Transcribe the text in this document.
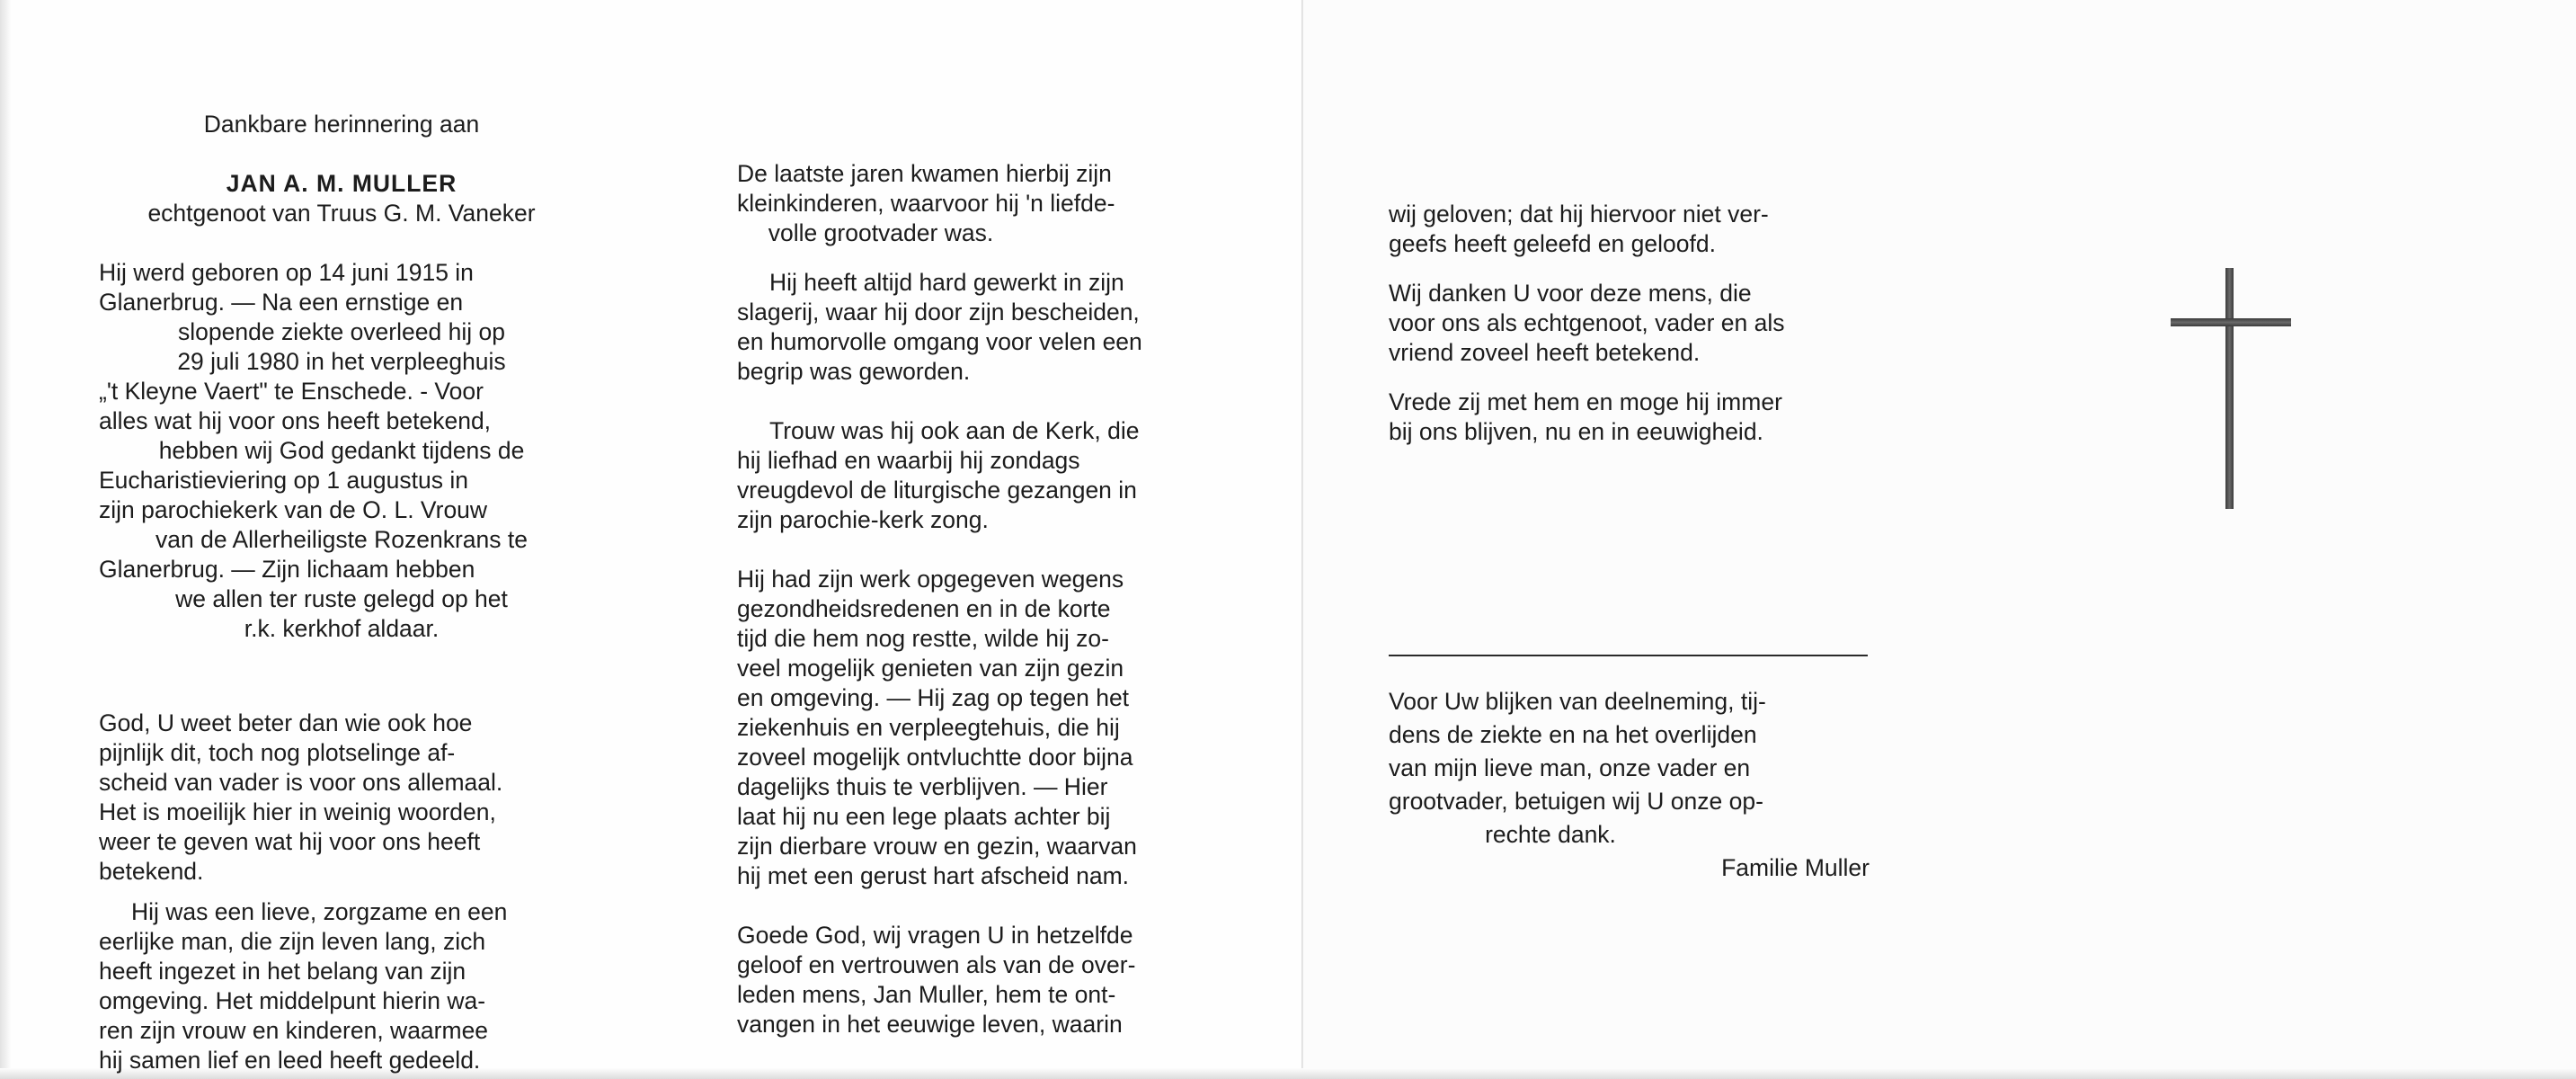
Dankbare herinnering aan

JAN A. M. MULLER

echtgenoot van Truus G. M. Vaneker

Hij werd geboren op 14 juni 1915 in

Glanerbrug. — Na een ernstige en

slopende ziekte overleed hij op

29 juli 1980 in het verpleeghuis

„'t Kleyne Vaert" te Enschede. - Voor

alles wat hij voor ons heeft betekend,

hebben wij God gedankt tijdens de

Eucharistieviering op 1 augustus in

zijn parochiekerk van de O. L. Vrouw

van de Allerheiligste Rozenkrans te

Glanerbrug. — Zijn lichaam hebben

we allen ter ruste gelegd op het

r.k. kerkhof aldaar.

God, U weet beter dan wie ook hoe

pijnlijk dit, toch nog plotselinge af-

scheid van vader is voor ons allemaal.

Het is moeilijk hier in weinig woorden,

weer te geven wat hij voor ons heeft

betekend.

Hij was een lieve, zorgzame en een

eerlijke man, die zijn leven lang, zich

heeft ingezet in het belang van zijn

omgeving. Het middelpunt hierin wa-

ren zijn vrouw en kinderen, waarmee

hij samen lief en leed heeft gedeeld.

De laatste jaren kwamen hierbij zijn

kleinkinderen, waarvoor hij 'n liefde-

volle grootvader was.

Hij heeft altijd hard gewerkt in zijn

slagerij, waar hij door zijn bescheiden,

en humorvolle omgang voor velen een

begrip was geworden.

Trouw was hij ook aan de Kerk, die

hij liefhad en waarbij hij zondags

vreugdevol de liturgische gezangen in

zijn parochie-kerk zong.

Hij had zijn werk opgegeven wegens

gezondheidsredenen en in de korte

tijd die hem nog restte, wilde hij zo-

veel mogelijk genieten van zijn gezin

en omgeving. — Hij zag op tegen het

ziekenhuis en verpleegtehuis, die hij

zoveel mogelijk ontvluchtte door bijna

dagelijks thuis te verblijven. — Hier

laat hij nu een lege plaats achter bij

zijn dierbare vrouw en gezin, waarvan

hij met een gerust hart afscheid nam.

Goede God, wij vragen U in hetzelfde

geloof en vertrouwen als van de over-

leden mens, Jan Muller, hem te ont-

vangen in het eeuwige leven, waarin

wij geloven; dat hij hiervoor niet ver-

geefs heeft geleefd en geloofd.

Wij danken U voor deze mens, die

voor ons als echtgenoot, vader en als

vriend zoveel heeft betekend.

Vrede zij met hem en moge hij immer

bij ons blijven, nu en in eeuwigheid.

Voor Uw blijken van deelneming, tij-

dens de ziekte en na het overlijden

van mijn lieve man, onze vader en

grootvader, betuigen wij U onze op-

rechte dank.

Familie Muller
